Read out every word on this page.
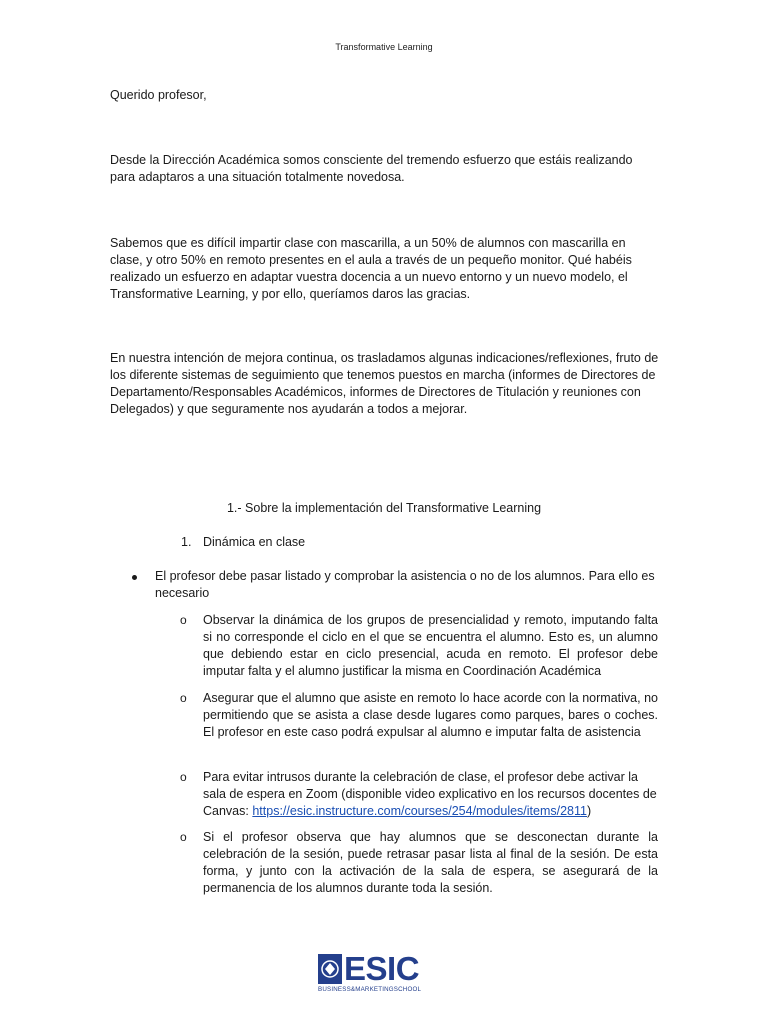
Transformative Learning

Querido profesor,

Desde la Dirección Académica somos consciente del tremendo esfuerzo que estáis realizando para adaptaros a una situación totalmente novedosa.

Sabemos que es difícil impartir clase con mascarilla, a un 50% de alumnos con mascarilla en clase, y otro 50% en remoto presentes en el aula a través de un pequeño monitor. Qué habéis realizado un esfuerzo en adaptar vuestra docencia a un nuevo entorno y un nuevo modelo, el Transformative Learning, y por ello, queríamos daros las gracias.

En nuestra intención de mejora continua, os trasladamos algunas indicaciones/reflexiones, fruto de los diferente sistemas de seguimiento que tenemos puestos en marcha (informes de Directores de Departamento/Responsables Académicos, informes de Directores de Titulación y reuniones con Delegados) y que seguramente nos ayudarán a todos a mejorar.

1.- Sobre la implementación del Transformative Learning
1. Dinámica en clase
El profesor debe pasar listado y comprobar la asistencia o no de los alumnos. Para ello es necesario
o Observar la dinámica de los grupos de presencialidad y remoto, imputando falta si no corresponde el ciclo en el que se encuentra el alumno. Esto es, un alumno que debiendo estar en ciclo presencial, acuda en remoto. El profesor debe imputar falta y el alumno justificar la misma en Coordinación Académica
o Asegurar que el alumno que asiste en remoto lo hace acorde con la normativa, no permitiendo que se asista a clase desde lugares como parques, bares o coches. El profesor en este caso podrá expulsar al alumno e imputar falta de asistencia
o Para evitar intrusos durante la celebración de clase, el profesor debe activar la sala de espera en Zoom (disponible video explicativo en los recursos docentes de Canvas: https://esic.instructure.com/courses/254/modules/items/2811)
o Si el profesor observa que hay alumnos que se desconectan durante la celebración de la sesión, puede retrasar pasar lista al final de la sesión. De esta forma, y junto con la activación de la sala de espera, se asegurará de la permanencia de los alumnos durante toda la sesión.
ESIC
BUSINESS&MARKETINGSCHOOL
